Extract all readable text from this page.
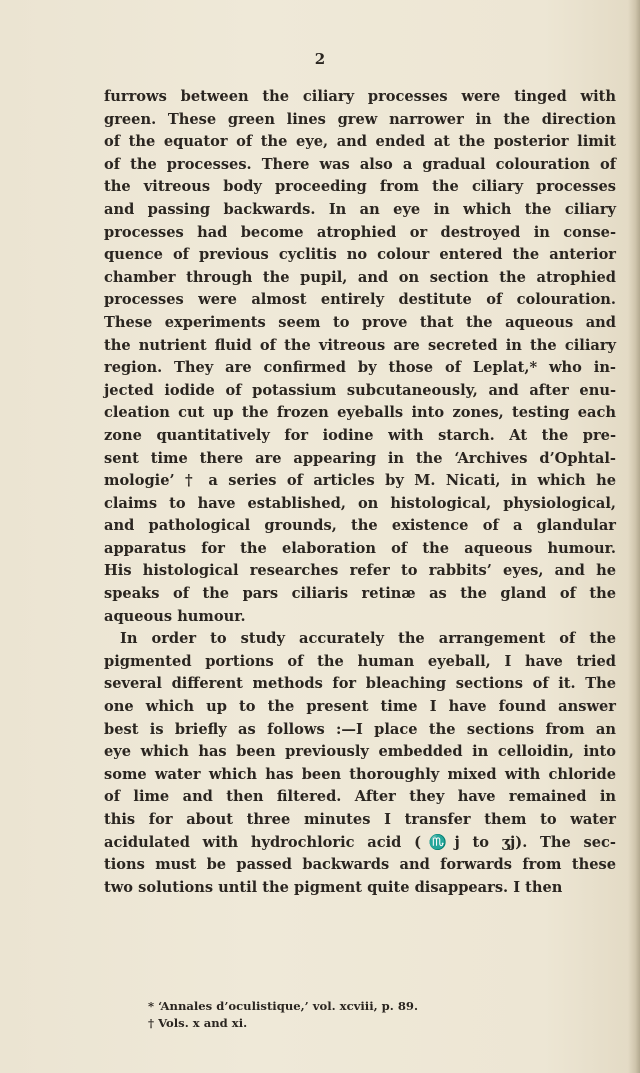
2

furrows between the ciliary processes were tinged with
green. These green lines grew narrower in the direction
of the equator of the eye, and ended at the posterior limit
of the processes. There was also a gradual colouration of
the vitreous body proceeding from the ciliary processes
and passing backwards. In an eye in which the ciliary
processes had become atrophied or destroyed in conse-
quence of previous cyclitis no colour entered the anterior
chamber through the pupil, and on section the atrophied
processes were almost entirely destitute of colouration.
These experiments seem to prove that the aqueous and
the nutrient fluid of the vitreous are secreted in the ciliary
region. They are confirmed by those of Leplat,* who in-
jected iodide of potassium subcutaneously, and after enu-
cleation cut up the frozen eyeballs into zones, testing each
zone quantitatively for iodine with starch. At the pre-
sent time there are appearing in the ‘Archives d’Ophtal-
mologie’ † a series of articles by M. Nicati, in which he
claims to have established, on histological, physiological,
and pathological grounds, the existence of a glandular
apparatus for the elaboration of the aqueous humour.
His histological researches refer to rabbits’ eyes, and he
speaks of the pars ciliaris retinæ as the gland of the
aqueous humour.
In order to study accurately the arrangement of the
pigmented portions of the human eyeball, I have tried
several different methods for bleaching sections of it. The
one which up to the present time I have found answer
best is briefly as follows :—I place the sections from an
eye which has been previously embedded in celloidin, into
some water which has been thoroughly mixed with chloride
of lime and then filtered. After they have remained in
this for about three minutes I transfer them to water
acidulated with hydrochloric acid (♏j to ʒj). The sec-
tions must be passed backwards and forwards from these
two solutions until the pigment quite disappears. I then

* ‘Annales d’oculistique,’ vol. xcviii, p. 89.

† Vols. x and xi.
